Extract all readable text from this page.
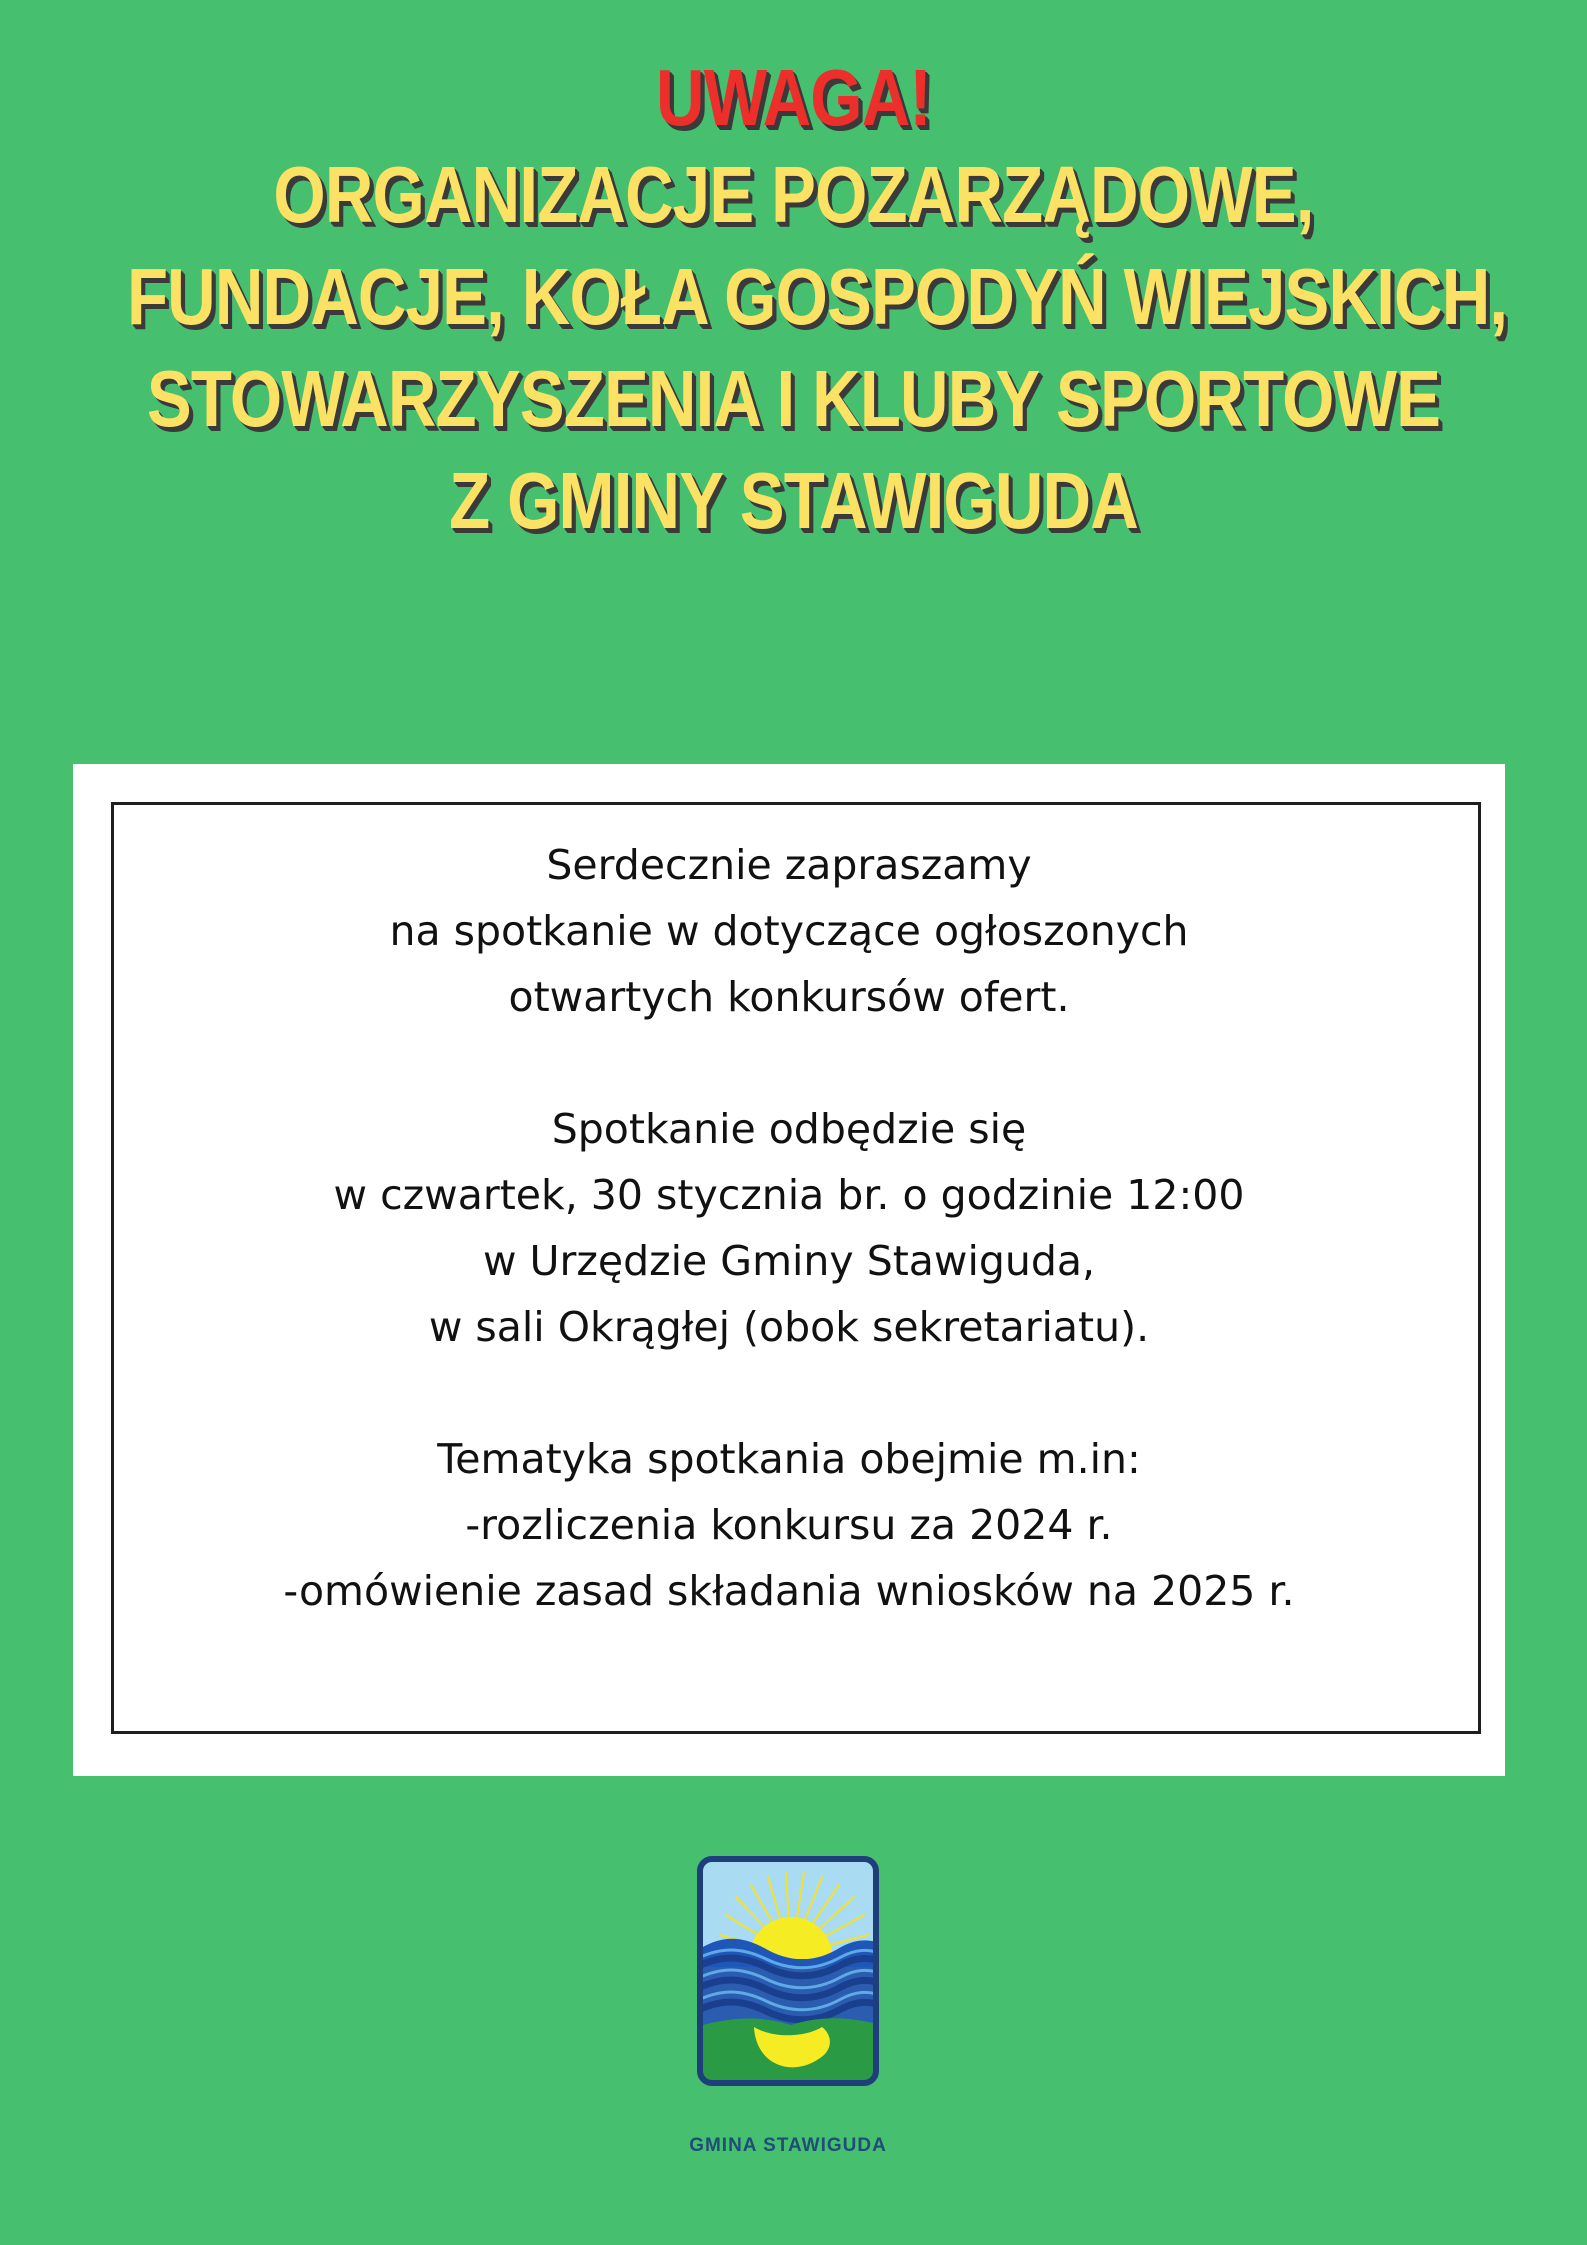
UWAGA!
ORGANIZACJE POZARZĄDOWE,
FUNDACJE, KOŁA GOSPODYŃ WIEJSKICH,
STOWARZYSZENIA I KLUBY SPORTOWE
Z GMINY STAWIGUDA
Serdecznie zapraszamy
na spotkanie w dotyczące ogłoszonych
otwartych konkursów ofert.
Spotkanie odbędzie się
w czwartek, 30 stycznia br. o godzinie 12:00
w Urzędzie Gminy Stawiguda,
w sali Okrągłej (obok sekretariatu).
Tematyka spotkania obejmie m.in:
-rozliczenia konkursu za 2024 r.
-omówienie zasad składania wniosków na 2025 r.
GMINA STAWIGUDA
